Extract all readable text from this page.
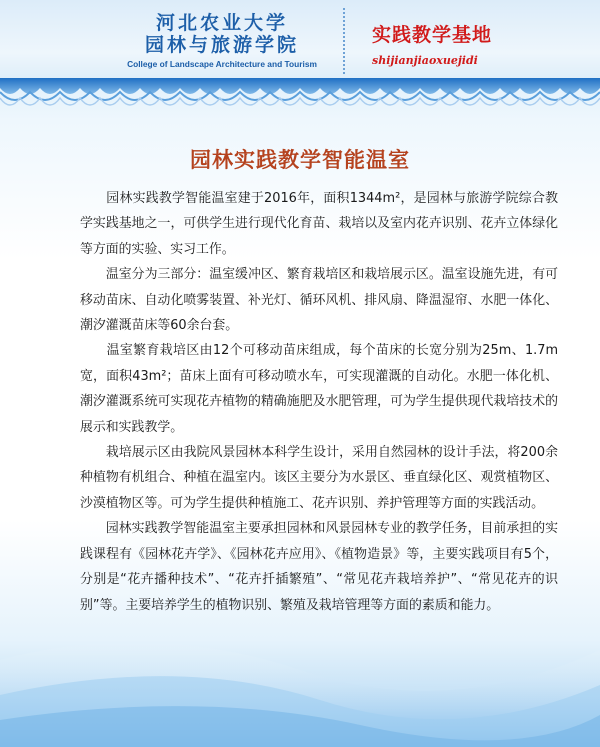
河北农业大学
园林与旅游学院
College of Landscape Architecture and Tourism
实践教学基地
shijianjiaoxuejidi
园林实践教学智能温室

　　园林实践教学智能温室建于2016年，面积1344m²，是园林与旅游学院综合教学实践基地之一，可供学生进行现代化育苗、栽培以及室内花卉识别、花卉立体绿化等方面的实验、实习工作。

　　温室分为三部分：温室缓冲区、繁育栽培区和栽培展示区。温室设施先进，有可移动苗床、自动化喷雾装置、补光灯、循环风机、排风扇、降温湿帘、水肥一体化、潮汐灌溉苗床等60余台套。

　　温室繁育栽培区由12个可移动苗床组成，每个苗床的长宽分别为25m、1.7m宽，面积43m²；苗床上面有可移动喷水车，可实现灌溉的自动化。水肥一体化机、潮汐灌溉系统可实现花卉植物的精确施肥及水肥管理，可为学生提供现代栽培技术的展示和实践教学。

　　栽培展示区由我院风景园林本科学生设计，采用自然园林的设计手法，将200余种植物有机组合、种植在温室内。该区主要分为水景区、垂直绿化区、观赏植物区、沙漠植物区等。可为学生提供种植施工、花卉识别、养护管理等方面的实践活动。

　　园林实践教学智能温室主要承担园林和风景园林专业的教学任务，目前承担的实践课程有《园林花卉学》、《园林花卉应用》、《植物造景》等，主要实践项目有5个，分别是“花卉播种技术”、“花卉扦插繁殖”、“常见花卉栽培养护”、“常见花卉的识别”等。主要培养学生的植物识别、繁殖及栽培管理等方面的素质和能力。
